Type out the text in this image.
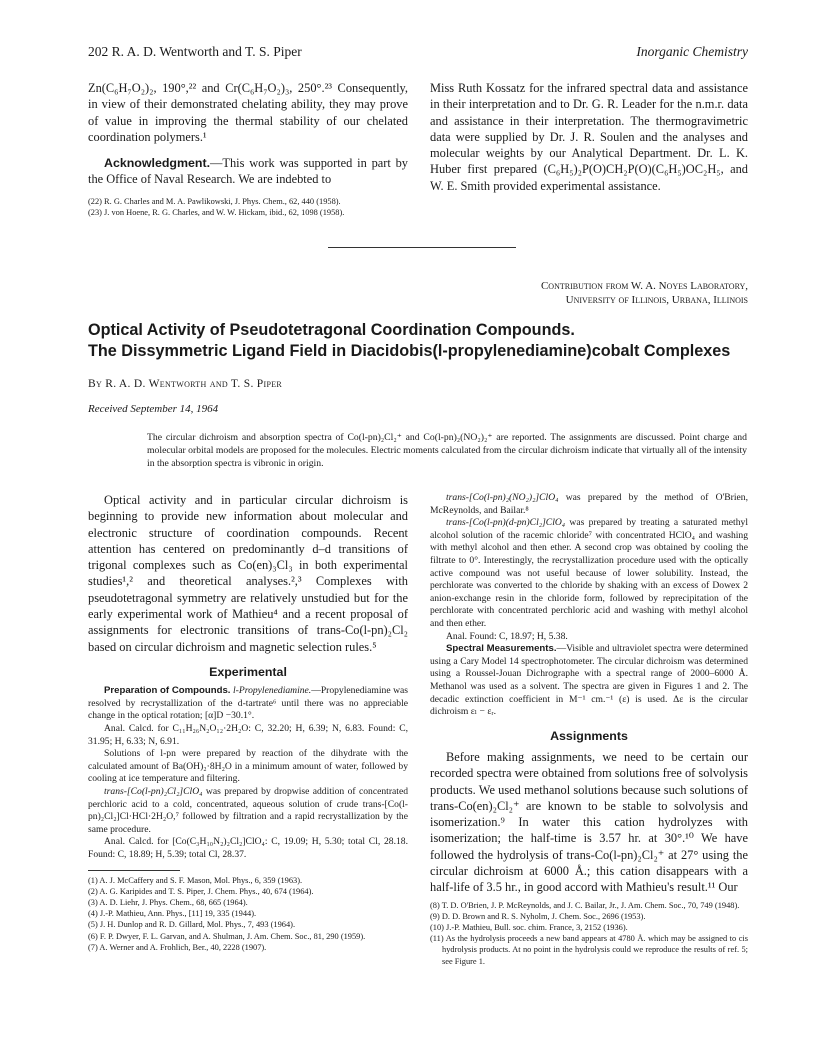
202 R. A. D. Wentworth and T. S. Piper	Inorganic Chemistry

Zn(C₆H₇O₂)₂, 190°,²² and Cr(C₆H₇O₂)₃, 250°.²³ Consequently, in view of their demonstrated chelating ability, they may prove of value in improving the thermal stability of our chelated coordination polymers.¹

Acknowledgment.—This work was supported in part by the Office of Naval Research. We are indebted to

(22) R. G. Charles and M. A. Pawlikowski, J. Phys. Chem., 62, 440 (1958).
(23) J. von Hoene, R. G. Charles, and W. W. Hickam, ibid., 62, 1098 (1958).

Miss Ruth Kossatz for the infrared spectral data and assistance in their interpretation and to Dr. G. R. Leader for the n.m.r. data and assistance in their interpretation. The thermogravimetric data were supplied by Dr. J. R. Soulen and the analyses and molecular weights by our Analytical Department. Dr. L. K. Huber first prepared (C₆H₅)₂P(O)CH₂P(O)(C₆H₅)OC₂H₅, and W. E. Smith provided experimental assistance.

Contribution from W. A. Noyes Laboratory,
University of Illinois, Urbana, Illinois
Optical Activity of Pseudotetragonal Coordination Compounds.
The Dissymmetric Ligand Field in Diacidobis(l-propylenediamine)cobalt Complexes
By R. A. D. Wentworth and T. S. Piper
Received September 14, 1964
The circular dichroism and absorption spectra of Co(l-pn)₂Cl₂⁺ and Co(l-pn)₂(NO₂)₂⁺ are reported. The assignments are discussed. Point charge and molecular orbital models are proposed for the molecules. Electric moments calculated from the circular dichroism indicate that virtually all of the intensity in the absorption spectra is vibronic in origin.

Optical activity and in particular circular dichroism is beginning to provide new information about molecular and electronic structure of coordination compounds. Recent attention has centered on predominantly d–d transitions of trigonal complexes such as Co(en)₃Cl₃ in both experimental studies¹,² and theoretical analyses.²,³ Complexes with pseudotetragonal symmetry are relatively unstudied but for the early experimental work of Mathieu⁴ and a recent proposal of assignments for electronic transitions of trans-Co(l-pn)₂Cl₂ based on circular dichroism and magnetic selection rules.⁵

Experimental

Preparation of Compounds. l-Propylenediamine.—Propylenediamine was resolved by recrystallization of the d-tartrate⁶ until there was no appreciable change in the optical rotation; [α]D −30.1°.

Anal. Calcd. for C₁₁H₂₆N₂O₁₂·2H₂O: C, 32.20; H, 6.39; N, 6.83. Found: C, 31.95; H, 6.33; N, 6.91.

Solutions of l-pn were prepared by reaction of the dihydrate with the calculated amount of Ba(OH)₂·8H₂O in a minimum amount of water, followed by cooling at ice temperature and filtering.

trans-[Co(l-pn)₂Cl₂]ClO₄ was prepared by dropwise addition of concentrated perchloric acid to a cold, concentrated, aqueous solution of crude trans-[Co(l-pn)₂Cl₂]Cl·HCl·2H₂O,⁷ followed by filtration and a rapid recrystallization by the same procedure.

Anal. Calcd. for [Co(C₃H₁₀N₂)₂Cl₂]ClO₄: C, 19.09; H, 5.30; total Cl, 28.18. Found: C, 18.89; H, 5.39; total Cl, 28.37.

(1) A. J. McCaffery and S. F. Mason, Mol. Phys., 6, 359 (1963).
(2) A. G. Karipides and T. S. Piper, J. Chem. Phys., 40, 674 (1964).
(3) A. D. Liehr, J. Phys. Chem., 68, 665 (1964).
(4) J.-P. Mathieu, Ann. Phys., [11] 19, 335 (1944).
(5) J. H. Dunlop and R. D. Gillard, Mol. Phys., 7, 493 (1964).
(6) F. P. Dwyer, F. L. Garvan, and A. Shulman, J. Am. Chem. Soc., 81, 290 (1959).
(7) A. Werner and A. Frohlich, Ber., 40, 2228 (1907).

trans-[Co(l-pn)₂(NO₂)₂]ClO₄ was prepared by the method of O'Brien, McReynolds, and Bailar.⁸

trans-[Co(l-pn)(d-pn)Cl₂]ClO₄ was prepared by treating a saturated methyl alcohol solution of the racemic chloride⁷ with concentrated HClO₄ and washing with methyl alcohol and then ether. A second crop was obtained by cooling the filtrate to 0°. Interestingly, the recrystallization procedure used with the optically active compound was not useful because of lower solubility. Instead, the perchlorate was converted to the chloride by shaking with an excess of Dowex 2 anion-exchange resin in the chloride form, followed by reprecipitation of the perchlorate with concentrated perchloric acid and washing with methyl alcohol and then ether.

Anal. Found: C, 18.97; H, 5.38.

Spectral Measurements.—Visible and ultraviolet spectra were determined using a Cary Model 14 spectrophotometer. The circular dichroism was determined using a Roussel-Jouan Dichrographe with a spectral range of 2000–6000 Å. Methanol was used as a solvent. The spectra are given in Figures 1 and 2. The decadic extinction coefficient in M⁻¹ cm.⁻¹ (ε) is used. Δε is the circular dichroism εₗ − εᵣ.

Assignments

Before making assignments, we need to be certain our recorded spectra were obtained from solutions free of solvolysis products. We used methanol solutions because such solutions of trans-Co(en)₂Cl₂⁺ are known to be stable to solvolysis and isomerization.⁹ In water this cation hydrolyzes with isomerization; the half-time is 3.57 hr. at 30°.¹⁰ We have followed the hydrolysis of trans-Co(l-pn)₂Cl₂⁺ at 27° using the circular dichroism at 6000 Å.; this cation disappears with a half-life of 3.5 hr., in good accord with Mathieu's result.¹¹ Our

(8) T. D. O'Brien, J. P. McReynolds, and J. C. Bailar, Jr., J. Am. Chem. Soc., 70, 749 (1948).
(9) D. D. Brown and R. S. Nyholm, J. Chem. Soc., 2696 (1953).
(10) J.-P. Mathieu, Bull. soc. chim. France, 3, 2152 (1936).
(11) As the hydrolysis proceeds a new band appears at 4780 Å. which may be assigned to cis hydrolysis products. At no point in the hydrolysis could we reproduce the results of ref. 5; see Figure 1.
